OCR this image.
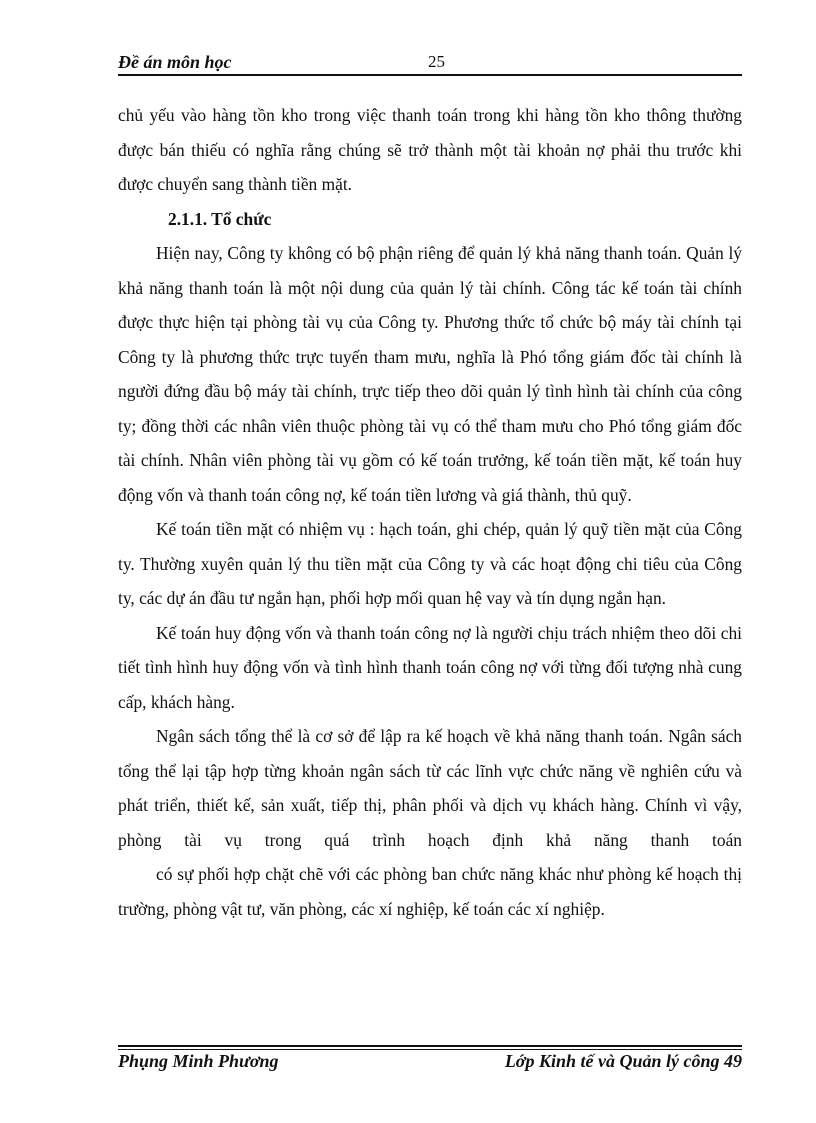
Đề án môn học	25

chủ yếu vào hàng tồn kho trong việc thanh toán trong khi hàng tồn kho thông thường được bán thiếu có nghĩa rằng chúng sẽ trở thành một tài khoản nợ phải thu trước khi được chuyển sang thành tiền mặt.

2.1.1. Tổ chức

Hiện nay, Công ty không có bộ phận riêng để quản lý khả năng thanh toán. Quản lý khả năng thanh toán là một nội dung của quản lý tài chính. Công tác kế toán tài chính được thực hiện tại phòng tài vụ của Công ty. Phương thức tổ chức bộ máy tài chính tại Công ty là phương thức trực tuyến tham mưu, nghĩa là Phó tổng giám đốc tài chính là người đứng đầu bộ máy tài chính, trực tiếp theo dõi quản lý tình hình tài chính của công ty; đồng thời các nhân viên thuộc phòng tài vụ có thể tham mưu cho Phó tổng giám đốc tài chính. Nhân viên phòng tài vụ gồm có kế toán trưởng, kế toán tiền mặt, kế toán huy động vốn và thanh toán công nợ, kế toán tiền lương và giá thành, thủ quỹ.

Kế toán tiền mặt có nhiệm vụ : hạch toán, ghi chép, quản lý quỹ tiền mặt của Công ty. Thường xuyên quản lý thu tiền mặt của Công ty và các hoạt động chi tiêu của Công ty, các dự án đầu tư ngắn hạn, phối hợp mối quan hệ vay và tín dụng ngắn hạn.

Kế toán huy động vốn và thanh toán công nợ là người chịu trách nhiệm theo dõi chi tiết tình hình huy động vốn và tình hình thanh toán công nợ với từng đối tượng nhà cung cấp, khách hàng.

Ngân sách tổng thể là cơ sở để lập ra kế hoạch về khả năng thanh toán. Ngân sách tổng thể lại tập hợp từng khoản ngân sách từ các lĩnh vực chức năng về nghiên cứu và phát triển, thiết kế, sản xuất, tiếp thị, phân phối và dịch vụ khách hàng. Chính vì vậy, phòng tài vụ trong quá trình hoạch định khả năng thanh toán

có sự phối hợp chặt chẽ với các phòng ban chức năng khác như phòng kế hoạch thị trường, phòng vật tư, văn phòng, các xí nghiệp, kế toán các xí nghiệp.

Phụng Minh Phương	Lớp Kinh tế và Quản lý công 49
